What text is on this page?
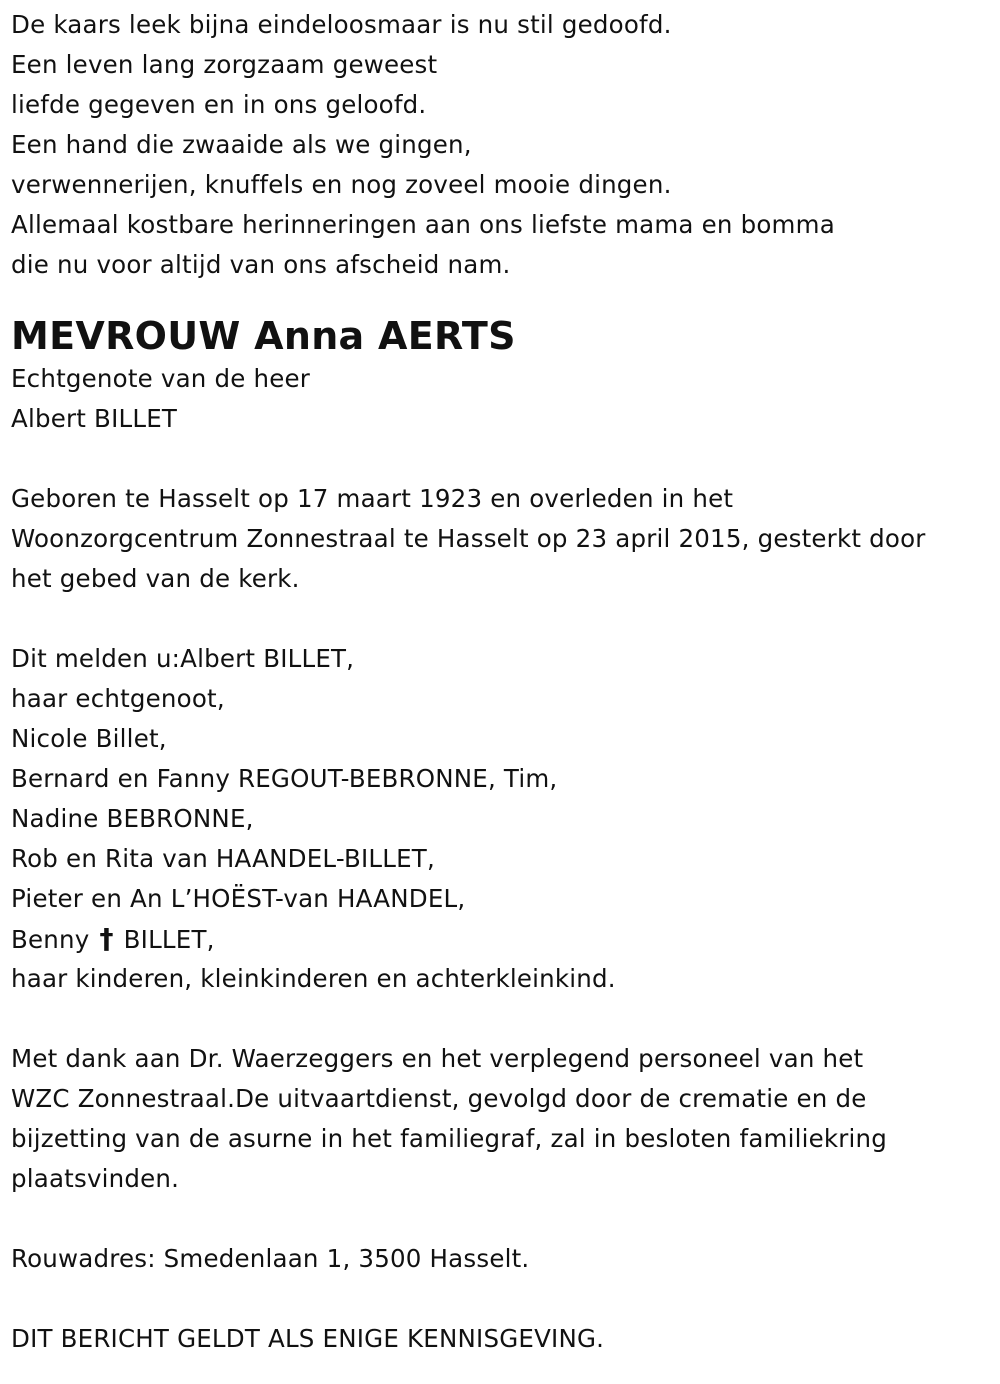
De kaars leek bijna eindeloosmaar is nu stil gedoofd.
Een leven lang zorgzaam geweest
liefde gegeven en in ons geloofd.
Een hand die zwaaide als we gingen,
verwennerijen, knuffels en nog zoveel mooie dingen.
Allemaal kostbare herinneringen aan ons liefste mama en bomma
die nu voor altijd van ons afscheid nam.
MEVROUW Anna AERTS
Echtgenote van de heer
Albert BILLET
Geboren te Hasselt op 17 maart 1923 en overleden in het
Woonzorgcentrum Zonnestraal te Hasselt op 23 april 2015, gesterkt door
het gebed van de kerk.
Dit melden u:Albert BILLET,
haar echtgenoot,
Nicole Billet,
Bernard en Fanny REGOUT-BEBRONNE, Tim,
Nadine BEBRONNE,
Rob en Rita van HAANDEL-BILLET,
Pieter en An L’HOËST-van HAANDEL,
Benny † BILLET,
haar kinderen, kleinkinderen en achterkleinkind.
Met dank aan Dr. Waerzeggers en het verplegend personeel van het
WZC Zonnestraal.De uitvaartdienst, gevolgd door de crematie en de
bijzetting van de asurne in het familiegraf, zal in besloten familiekring
plaatsvinden.
Rouwadres: Smedenlaan 1, 3500 Hasselt.
DIT BERICHT GELDT ALS ENIGE KENNISGEVING.
